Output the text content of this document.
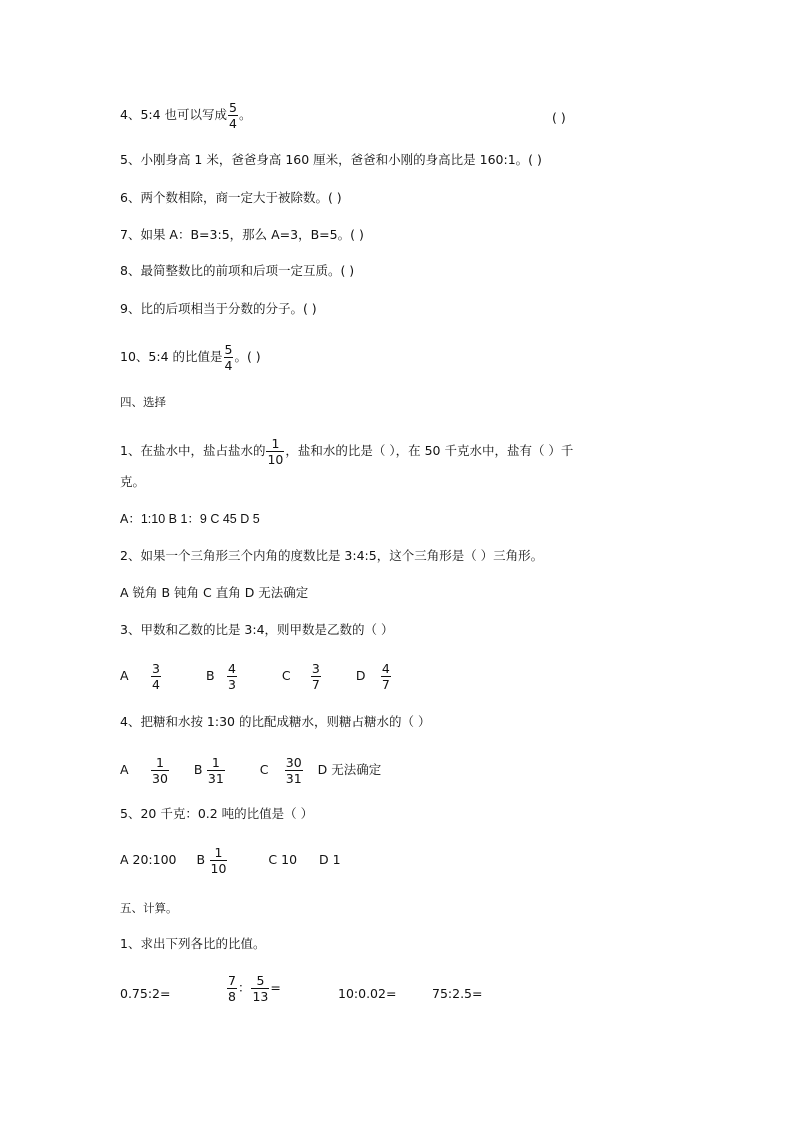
4、5:4 也可以写成 $\frac{5}{4}$ 。	( )
5、小刚身高 1 米，爸爸身高 160 厘米，爸爸和小刚的身高比是 160:1。( )
6、两个数相除，商一定大于被除数。( )
7、如果 A：B=3:5，那么 A=3，B=5。( )
8、最简整数比的前项和后项一定互质。( )
9、比的后项相当于分数的分子。( )
10、5:4 的比值是 $\frac{5}{4}$ 。( )
四、选择
1、在盐水中，盐占盐水的 $\frac{1}{10}$ ，盐和水的比是（ ），在 50 千克水中，盐有（ ）千
克。
A：1:10 B 1：9 C 45 D 5
2、如果一个三角形三个内角的度数比是 3:4:5，这个三角形是（ ）三角形。
A 锐角 B 钝角 C 直角 D 无法确定
3、甲数和乙数的比是 3:4，则甲数是乙数的（ ）
A $\frac{3}{4}$	B $\frac{4}{3}$	C $\frac{3}{7}$	D $\frac{4}{7}$
4、把糖和水按 1:30 的比配成糖水，则糖占糖水的（ ）
A $\frac{1}{30}$ B $\frac{1}{31}$	C $\frac{30}{31}$ D 无法确定
5、20 千克：0.2 吨的比值是（ ）
A 20:100 B $\frac{1}{10}$	C 10 D 1
五、计算。
1、求出下列各比的比值。
0.75:2=	$\frac{7}{8}$ ： $\frac{5}{13}$ =	10:0.02=	75:2.5=
